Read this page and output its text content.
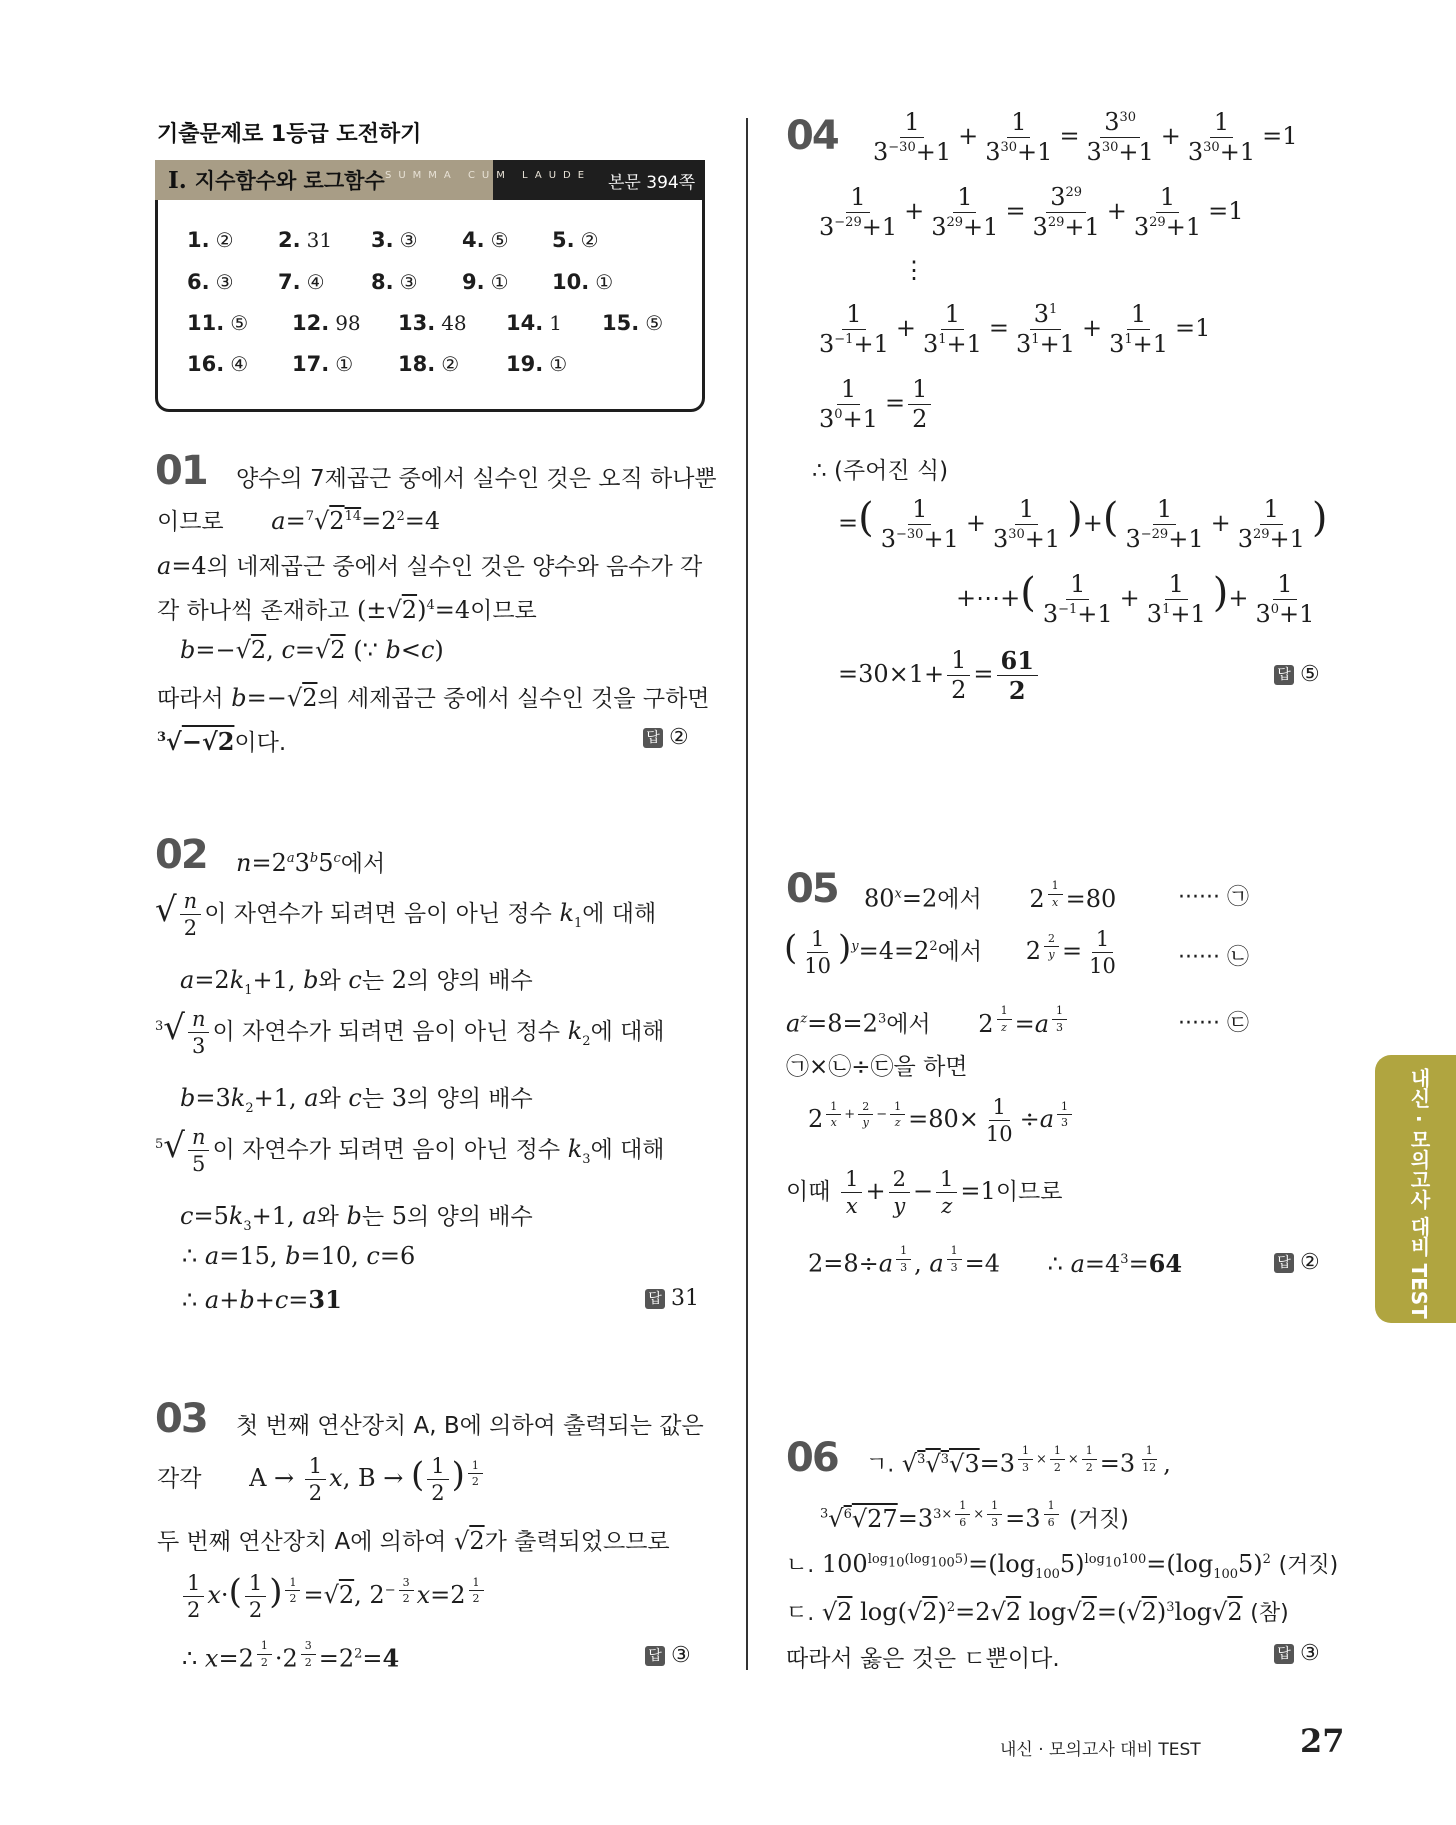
기출문제로 1등급 도전하기
I. 지수함수와 로그함수 SUMMA CUM LAUDE 본문 394쪽
1. ② 2. 31 3. ③ 4. ⑤ 5. ②
6. ③ 7. ④ 8. ③ 9. ① 10. ①
11. ⑤ 12. 98 13. 48 14. 1 15. ⑤
16. ④ 17. ① 18. ② 19. ①
01 양수의 7제곱근 중에서 실수인 것은 오직 하나뿐
이므로 $a=^7√2^{14}=2^2=4$
a=4의 네제곱근 중에서 실수인 것은 양수와 음수가 각
각 하나씩 존재하고 $(\pm√2)^4=4$이므로
b=−√2, c=√2 (∵ b<c)
따라서 b=−√2의 세제곱근 중에서 실수인 것을 구하면
$^3$√−√2이다.	답 ②
02 $n=2^a3^b5^c$에서
√ $\frac{n}{2}$ 이 자연수가 되려면 음이 아닌 정수 $k_1$에 대해
$a=2k_1+1$, b와 c는 2의 양의 배수
$^3√ \frac{n}{3}$ 이 자연수가 되려면 음이 아닌 정수 $k_2$에 대해
$b=3k_2+1$, a와 c는 3의 양의 배수
$^5√ \frac{n}{5}$ 이 자연수가 되려면 음이 아닌 정수 $k_3$에 대해
$c=5k_3+1$, a와 b는 5의 양의 배수
∴ a=15, b=10, c=6
∴ a+b+c=31	답 31
03 첫 번째 연산장치 A, B에 의하여 출력되는 값은
각각 $A \to \frac{1}{2} x$, B → ( $\frac{1}{2}$ ) $^{\frac{1}{2}}$
두 번째 연산장치 A에 의하여 √2가 출력되었으므로
$\frac{1}{2} x\cdot( \frac{1}{2}$ ) $^{\frac{1}{2}}$ =√2, $2^{- \frac{3}{2}}$ x=2 $^{\frac{1}{2}}$
∴ x=2 $^{\frac{1}{2}}$ ·2 $^{\frac{3}{2}} =2^2=4$	답 ③
$04 \frac{1}{3^{-30}+1} + \frac{1}{3^{30}+1} = \frac{3^{30}}{3^{30}+1} + \frac{1}{3^{30}+1} =1$
$\frac{1}{3^{-29}+1} + \frac{1}{3^{29}+1} = \frac{3^{29}}{3^{29}+1} + \frac{1}{3^{29}+1} =1$
⋮
$\frac{1}{3^{-1}+1} + \frac{1}{3^1+1} = \frac{3^1}{3^1+1} + \frac{1}{3^1+1} =1$
$\frac{1}{3^0+1} = \frac{1}{2}$
∴ (주어진 식)
=( $\frac{1}{3^{-30}+1} + \frac{1}{3^{30}+1}$ )+( $\frac{1}{3^{-29}+1} + \frac{1}{3^{29}+1}$ )
+⋯+( $\frac{1}{3^{-1}+1} + \frac{1}{3^1+1}$ )+ $\frac{1}{3^0+1}$
$=30\times 1+ \frac{1}{2} = \frac{61}{2}$	답 ⑤
05 $80^x=2$에서 2 $^{\frac{1}{x}}$ =80	······ ㉠
( $\frac{1}{10} )^y=4=2^2$에서 2 $^{\frac{2}{y}} = \frac{1}{10}$	······ ㉡
$a^z=8=2^3$에서 2 $^{\frac{1}{z}}$ =a $^{\frac{1}{3}}$	······ ㉢
㉠×㉡÷㉢을 하면
2 $^{\frac{1}{x} + \frac{2}{y} - \frac{1}{z}} =80\times \frac{1}{10} \div a$ $^{\frac{1}{3}}$
이때 $\frac{1}{x} + \frac{2}{y} - \frac{1}{z} =1$이므로
2=8÷a $^{\frac{1}{3}}$ , a $^{\frac{1}{3}}$ =4 ∴ $a=4^3=64$	답 ②
06 ㄱ. √$^3$√$^3$√3=3 $^{\frac{1}{3} \times \frac{1}{2} \times \frac{1}{2}}$ =3 $^{\frac{1}{12}}$ ,
$^3√^6√27=3^{3\times \frac{1}{6} \times \frac{1}{3}} =3$ $^{\frac{1}{6}}$ (거짓)
ㄴ. $100^{log_{10}(log_{100}5)}=(\log_{100}5)^{log_{10}100}=(\log_{100}5)^2$ (거짓)
ㄷ. √2 $\log(√2)^2=2√2$ $\log√2=(√2)^3\log√2$ (참)
따라서 옳은 것은 ㄷ뿐이다.	답 ③
내신 · 모의고사 대비 TEST
내신 · 모의고사 대비 TEST	27
